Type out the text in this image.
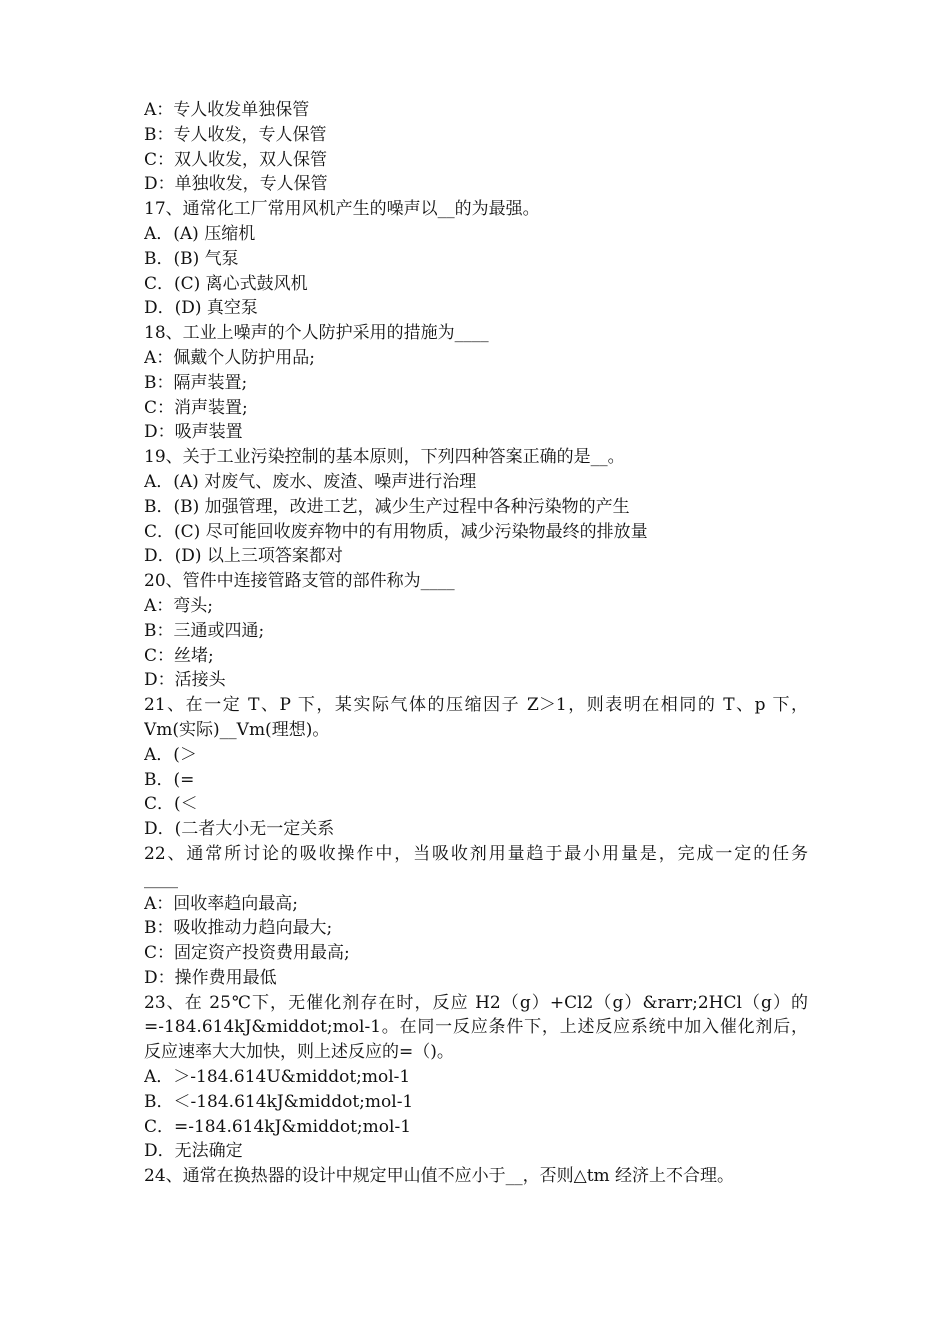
A：专人收发单独保管
B：专人收发，专人保管
C：双人收发，双人保管
D：单独收发，专人保管
17、通常化工厂常用风机产生的噪声以__的为最强。
A．(A) 压缩机
B．(B) 气泵
C．(C) 离心式鼓风机
D．(D) 真空泵
18、工业上噪声的个人防护采用的措施为____
A：佩戴个人防护用品;
B：隔声装置;
C：消声装置;
D：吸声装置
19、关于工业污染控制的基本原则，下列四种答案正确的是__。
A．(A) 对废气、废水、废渣、噪声进行治理
B．(B) 加强管理，改进工艺，减少生产过程中各种污染物的产生
C．(C) 尽可能回收废弃物中的有用物质，减少污染物最终的排放量
D．(D) 以上三项答案都对
20、管件中连接管路支管的部件称为____
A：弯头;
B：三通或四通;
C：丝堵;
D：活接头
21、在一定 T、P 下，某实际气体的压缩因子 Z＞1，则表明在相同的 T、p 下，
Vm(实际)__Vm(理想)。
A．(＞
B．(=
C．(＜
D．(二者大小无一定关系
22、通常所讨论的吸收操作中，当吸收剂用量趋于最小用量是，完成一定的任务
____
A：回收率趋向最高;
B：吸收推动力趋向最大;
C：固定资产投资费用最高;
D：操作费用最低
23、在 25℃下，无催化剂存在时，反应 H2（g）+Cl2（g）&rarr;2HCl（g）的
=-184.614kJ&middot;mol-1。在同一反应条件下，上述反应系统中加入催化剂后，
反应速率大大加快，则上述反应的=（)。
A．＞-184.614U&middot;mol-1
B．＜-184.614kJ&middot;mol-1
C．=-184.614kJ&middot;mol-1
D．无法确定
24、通常在换热器的设计中规定甲山值不应小于__，否则△tm 经济上不合理。
